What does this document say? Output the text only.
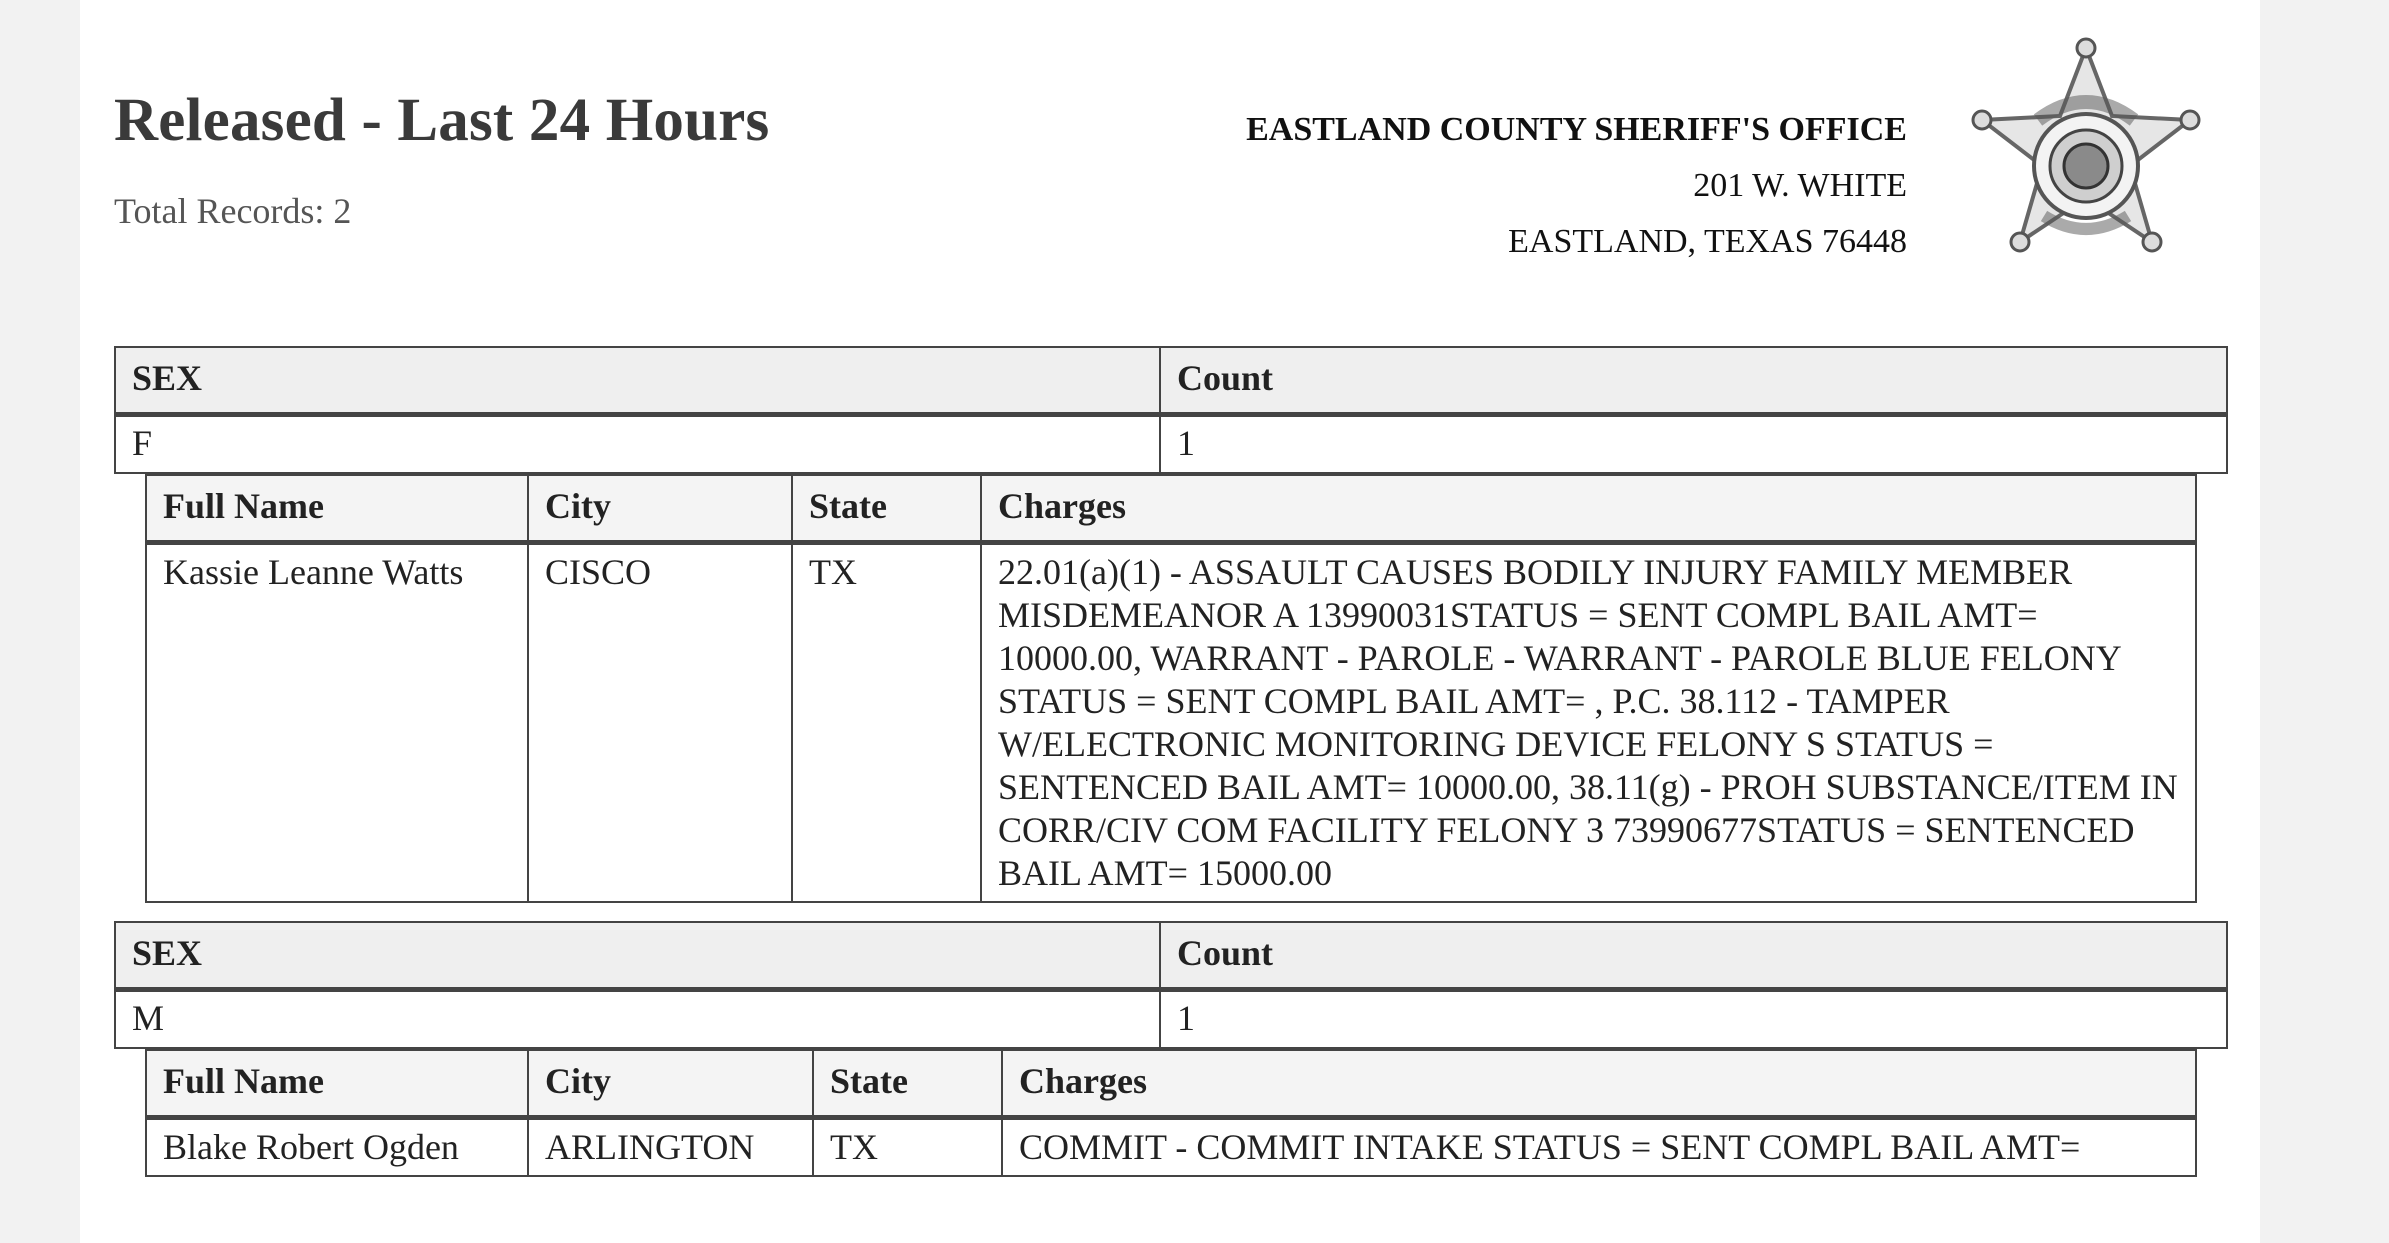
Released - Last 24 Hours
Total Records: 2
EASTLAND COUNTY SHERIFF'S OFFICE
201 W. WHITE
EASTLAND, TEXAS 76448
SEX	Count
F	1
Full Name	City	State	Charges
Kassie Leanne Watts	CISCO	TX	22.01(a)(1) - ASSAULT CAUSES BODILY INJURY FAMILY MEMBER MISDEMEANOR A 13990031STATUS = SENT COMPL BAIL AMT= 10000.00, WARRANT - PAROLE - WARRANT - PAROLE BLUE FELONY STATUS = SENT COMPL BAIL AMT= , P.C. 38.112 - TAMPER W/ELECTRONIC MONITORING DEVICE FELONY S STATUS = SENTENCED BAIL AMT= 10000.00, 38.11(g) - PROH SUBSTANCE/ITEM IN CORR/CIV COM FACILITY FELONY 3 73990677STATUS = SENTENCED BAIL AMT= 15000.00
SEX	Count
M	1
Full Name	City	State	Charges
Blake Robert Ogden	ARLINGTON	TX	COMMIT - COMMIT INTAKE STATUS = SENT COMPL BAIL AMT=
